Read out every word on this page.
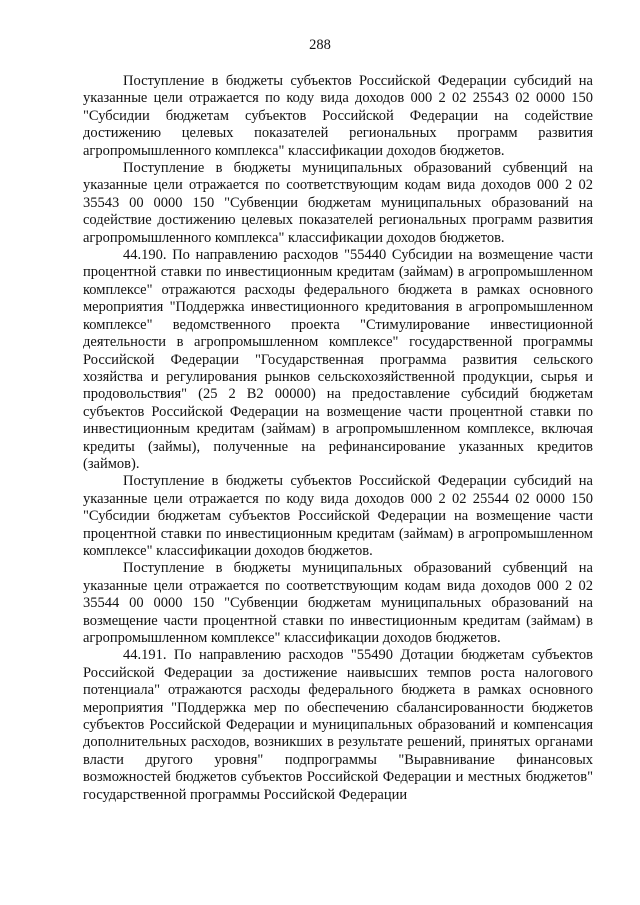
288

Поступление в бюджеты субъектов Российской Федерации субсидий на указанные цели отражается по коду вида доходов 000 2 02 25543 02 0000 150 "Субсидии бюджетам субъектов Российской Федерации на содействие достижению целевых показателей региональных программ развития агропромышленного комплекса" классификации доходов бюджетов.

Поступление в бюджеты муниципальных образований субвенций на указанные цели отражается по соответствующим кодам вида доходов 000 2 02 35543 00 0000 150 "Субвенции бюджетам муниципальных образований на содействие достижению целевых показателей региональных программ развития агропромышленного комплекса" классификации доходов бюджетов.

44.190. По направлению расходов "55440 Субсидии на возмещение части процентной ставки по инвестиционным кредитам (займам) в агропромышленном комплексе" отражаются расходы федерального бюджета в рамках основного мероприятия "Поддержка инвестиционного кредитования в агропромышленном комплексе" ведомственного проекта "Стимулирование инвестиционной деятельности в агропромышленном комплексе" государственной программы Российской Федерации "Государственная программа развития сельского хозяйства и регулирования рынков сельскохозяйственной продукции, сырья и продовольствия" (25 2 В2 00000) на предоставление субсидий бюджетам субъектов Российской Федерации на возмещение части процентной ставки по инвестиционным кредитам (займам) в агропромышленном комплексе, включая кредиты (займы), полученные на рефинансирование указанных кредитов (займов).

Поступление в бюджеты субъектов Российской Федерации субсидий на указанные цели отражается по коду вида доходов 000 2 02 25544 02 0000 150 "Субсидии бюджетам субъектов Российской Федерации на возмещение части процентной ставки по инвестиционным кредитам (займам) в агропромышленном комплексе" классификации доходов бюджетов.

Поступление в бюджеты муниципальных образований субвенций на указанные цели отражается по соответствующим кодам вида доходов 000 2 02 35544 00 0000 150 "Субвенции бюджетам муниципальных образований на возмещение части процентной ставки по инвестиционным кредитам (займам) в агропромышленном комплексе" классификации доходов бюджетов.

44.191. По направлению расходов "55490 Дотации бюджетам субъектов Российской Федерации за достижение наивысших темпов роста налогового потенциала" отражаются расходы федерального бюджета в рамках основного мероприятия "Поддержка мер по обеспечению сбалансированности бюджетов субъектов Российской Федерации и муниципальных образований и компенсация дополнительных расходов, возникших в результате решений, принятых органами власти другого уровня" подпрограммы "Выравнивание финансовых возможностей бюджетов субъектов Российской Федерации и местных бюджетов" государственной программы Российской Федерации
